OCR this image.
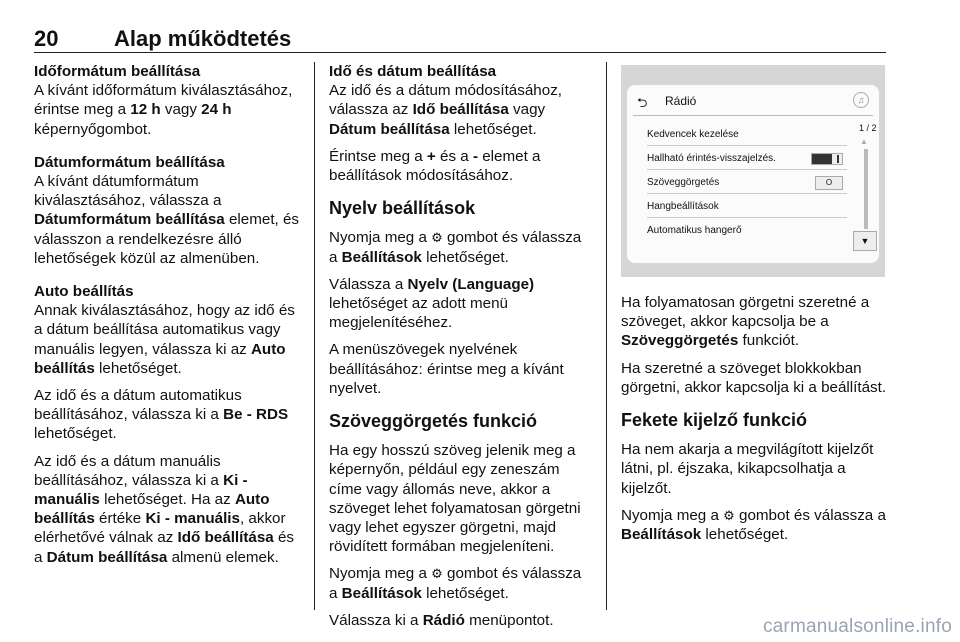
20	Alap működtetés
Időformátum beállítása

A kívánt időformátum kiválasztásához, érintse meg a 12 h vagy 24 h képernyőgombot.

Dátumformátum beállítása

A kívánt dátumformátum kiválasztásához, válassza a Dátumformátum beállítása elemet, és válasszon a rendelkezésre álló lehetőségek közül az almenüben.

Auto beállítás

Annak kiválasztásához, hogy az idő és a dátum beállítása automatikus vagy manuális legyen, válassza ki az Auto beállítás lehetőséget.

Az idő és a dátum automatikus beállításához, válassza ki a Be - RDS lehetőséget.

Az idő és a dátum manuális beállításához, válassza ki a Ki - manuális lehetőséget. Ha az Auto beállítás értéke Ki - manuális, akkor elérhetővé válnak az Idő beállítása és a Dátum beállítása almenü elemek.

Idő és dátum beállítása

Az idő és a dátum módosításához, válassza az Idő beállítása vagy Dátum beállítása lehetőséget.

Érintse meg a + és a - elemet a beállítások módosításához.

Nyelv beállítások

Nyomja meg a ⚙ gombot és válassza a Beállítások lehetőséget.

Válassza a Nyelv (Language) lehetőséget az adott menü megjelenítéséhez.

A menüszövegek nyelvének beállításához: érintse meg a kívánt nyelvet.

Szöveggörgetés funkció

Ha egy hosszú szöveg jelenik meg a képernyőn, például egy zeneszám címe vagy állomás neve, akkor a szöveget lehet folyamatosan görgetni vagy lehet egyszer görgetni, majd rövidített formában megjeleníteni.

Nyomja meg a ⚙ gombot és válassza a Beállítások lehetőséget.

Válassza ki a Rádió menüpontot.

⮌ Rádió	♫
1 / 2
▲
▼
Kedvencek kezelése
Hallható érintés-visszajelzés.
Szöveggörgetés	O
Hangbeállítások
Automatikus hangerő

Ha folyamatosan görgetni szeretné a szöveget, akkor kapcsolja be a Szöveggörgetés funkciót.

Ha szeretné a szöveget blokkokban görgetni, akkor kapcsolja ki a beállítást.

Fekete kijelző funkció

Ha nem akarja a megvilágított kijelzőt látni, pl. éjszaka, kikapcsolhatja a kijelzőt.

Nyomja meg a ⚙ gombot és válassza a Beállítások lehetőséget.

carmanualsonline.info
